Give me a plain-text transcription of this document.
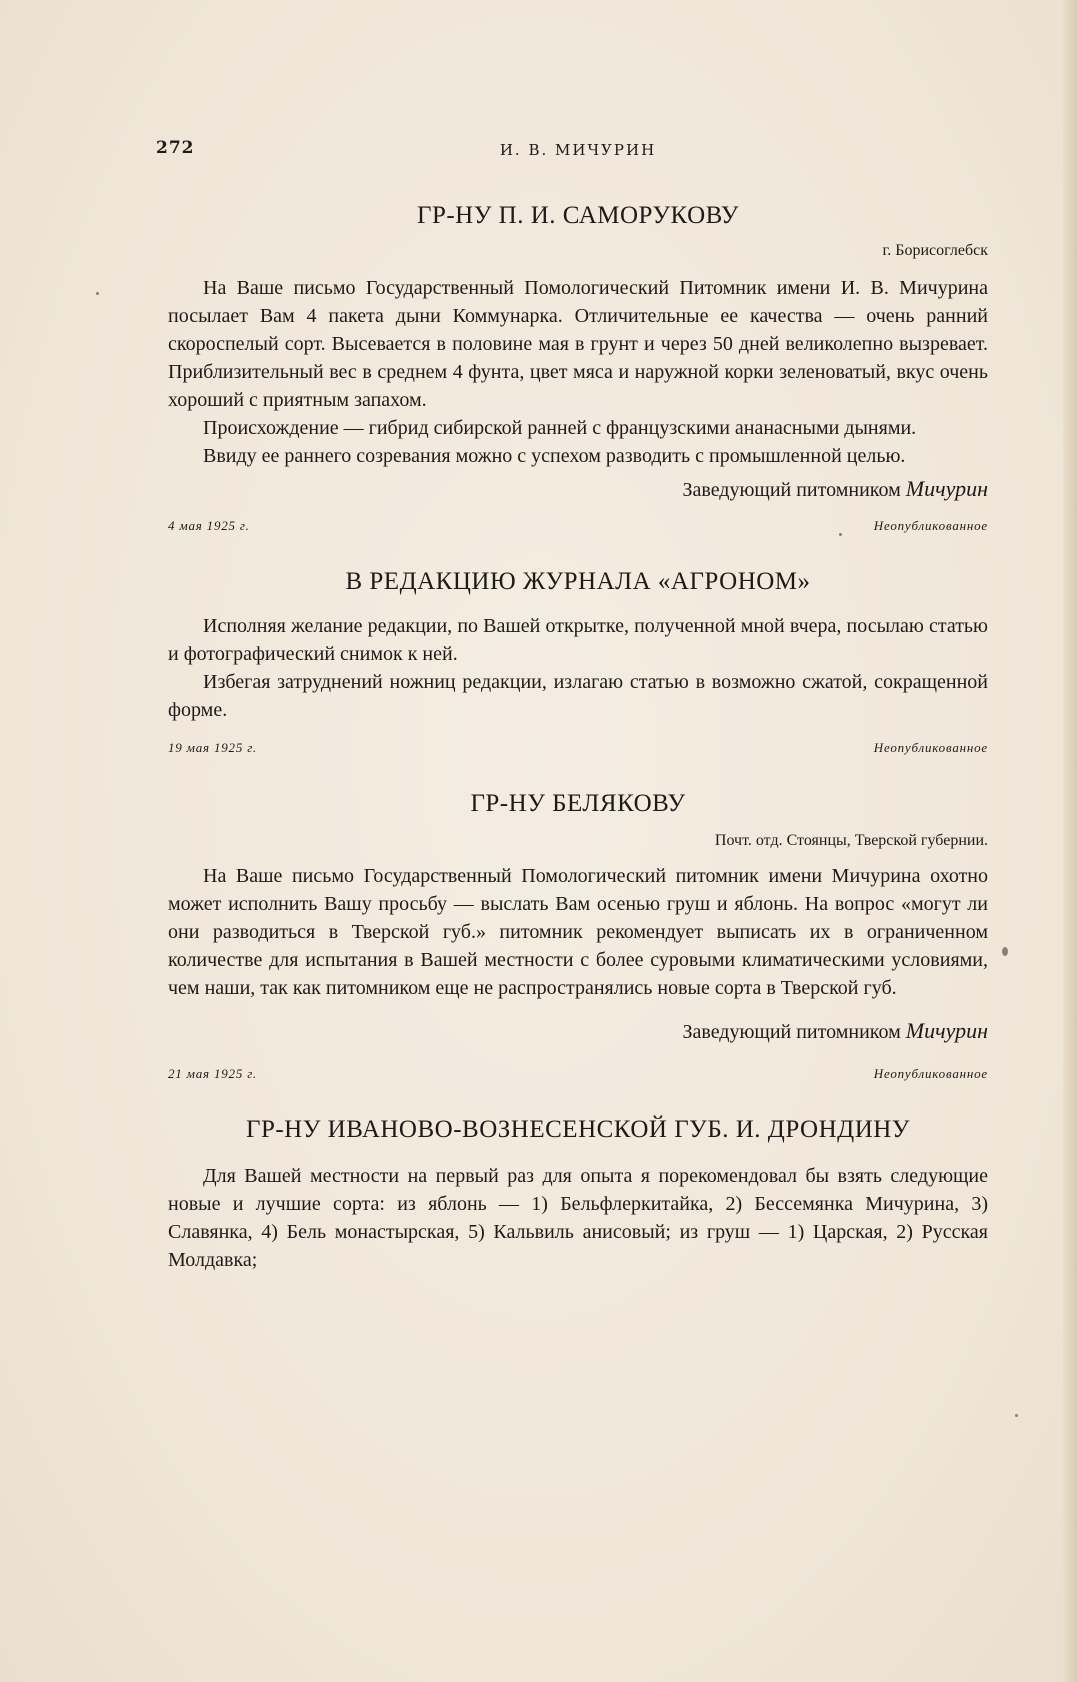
272	И. В. МИЧУРИН
ГР-НУ П. И. САМОРУКОВУ

г. Борисоглебск

На Ваше письмо Государственный Помологический Питомник имени И. В. Мичурина посылает Вам 4 пакета дыни Коммунарка. Отличительные ее качества — очень ранний скороспелый сорт. Высевается в половине мая в грунт и через 50 дней великолепно вызревает. Приблизительный вес в среднем 4 фунта, цвет мяса и наружной корки зеленоватый, вкус очень хороший с приятным запахом.

Происхождение — гибрид сибирской ранней с французскими ананасными дынями.

Ввиду ее раннего созревания можно с успехом разводить с промышленной целью.

Заведующий питомником Мичурин

4 мая 1925 г.	Неопубликованное
В РЕДАКЦИЮ ЖУРНАЛА «АГРОНОМ»

Исполняя желание редакции, по Вашей открытке, полученной мной вчера, посылаю статью и фотографический снимок к ней.

Избегая затруднений ножниц редакции, излагаю статью в возможно сжатой, сокращенной форме.

19 мая 1925 г.	Неопубликованное
ГР-НУ БЕЛЯКОВУ

Почт. отд. Стоянцы, Тверской губернии.

На Ваше письмо Государственный Помологический питомник имени Мичурина охотно может исполнить Вашу просьбу — выслать Вам осенью груш и яблонь. На вопрос «могут ли они разводиться в Тверской губ.» питомник рекомендует выписать их в ограниченном количестве для испытания в Вашей местности с более суровыми климатическими условиями, чем наши, так как питомником еще не распространялись новые сорта в Тверской губ.

Заведующий питомником Мичурин

21 мая 1925 г.	Неопубликованное
ГР-НУ ИВАНОВО-ВОЗНЕСЕНСКОЙ ГУБ. И. ДРОНДИНУ

Для Вашей местности на первый раз для опыта я порекомендовал бы взять следующие новые и лучшие сорта: из яблонь — 1) Бельфлеркитайка, 2) Бессемянка Мичурина, 3) Славянка, 4) Бель монастырская, 5) Кальвиль анисовый; из груш — 1) Царская, 2) Русская Молдавка;
